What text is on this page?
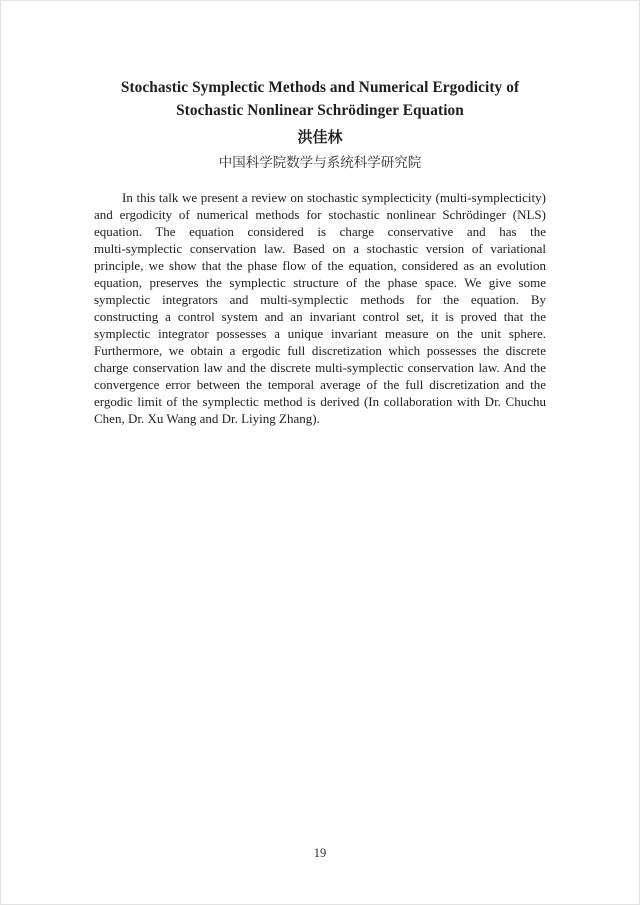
Stochastic Symplectic Methods and Numerical Ergodicity of
Stochastic Nonlinear Schrödinger Equation
洪佳林
中国科学院数学与系统科学研究院
In this talk we present a review on stochastic symplecticity (multi-symplecticity)
and ergodicity of numerical methods for stochastic nonlinear Schrödinger (NLS)
equation. The equation considered is charge conservative and has the
multi-symplectic conservation law. Based on a stochastic version of variational
principle, we show that the phase flow of the equation, considered as an evolution
equation, preserves the symplectic structure of the phase space. We give some
symplectic integrators and multi-symplectic methods for the equation. By
constructing a control system and an invariant control set, it is proved that the
symplectic integrator possesses a unique invariant measure on the unit sphere.
Furthermore, we obtain a ergodic full discretization which possesses the discrete
charge conservation law and the discrete multi-symplectic conservation law. And the
convergence error between the temporal average of the full discretization and the
ergodic limit of the symplectic method is derived (In collaboration with Dr. Chuchu
Chen, Dr. Xu Wang and Dr. Liying Zhang).
19
